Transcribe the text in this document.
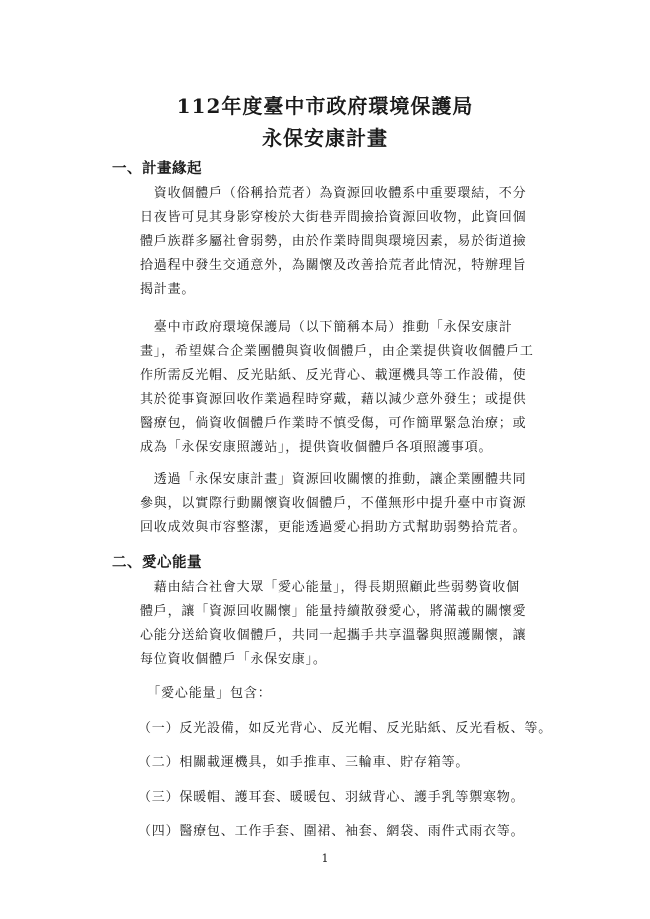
112年度臺中市政府環境保護局
永保安康計畫
一、計畫緣起

　資收個體戶（俗稱拾荒者）為資源回收體系中重要環結，不分
日夜皆可見其身影穿梭於大街巷弄間撿拾資源回收物，此資回個
體戶族群多屬社會弱勢，由於作業時間與環境因素，易於街道撿
拾過程中發生交通意外，為關懷及改善拾荒者此情況，特辦理旨
揭計畫。

　臺中市政府環境保護局（以下簡稱本局）推動「永保安康計
畫」，希望媒合企業團體與資收個體戶，由企業提供資收個體戶工
作所需反光帽、反光貼紙、反光背心、載運機具等工作設備，使
其於從事資源回收作業過程時穿戴，藉以減少意外發生；或提供
醫療包，倘資收個體戶作業時不慎受傷，可作簡單緊急治療；或
成為「永保安康照護站」，提供資收個體戶各項照護事項。

　透過「永保安康計畫」資源回收關懷的推動，讓企業團體共同
參與，以實際行動關懷資收個體戶，不僅無形中提升臺中市資源
回收成效與市容整潔，更能透過愛心捐助方式幫助弱勢拾荒者。

二、愛心能量

　藉由結合社會大眾「愛心能量」，得長期照顧此些弱勢資收個
體戶，讓「資源回收關懷」能量持續散發愛心，將滿載的關懷愛
心能分送給資收個體戶，共同一起攜手共享溫馨與照護關懷，讓
每位資收個體戶「永保安康」。

　「愛心能量」包含：

（一）反光設備，如反光背心、反光帽、反光貼紙、反光看板、等。
（二）相關載運機具，如手推車、三輪車、貯存箱等。
（三）保暖帽、護耳套、暖暖包、羽絨背心、護手乳等禦寒物。
（四）醫療包、工作手套、圍裙、袖套、網袋、雨件式雨衣等。
1
